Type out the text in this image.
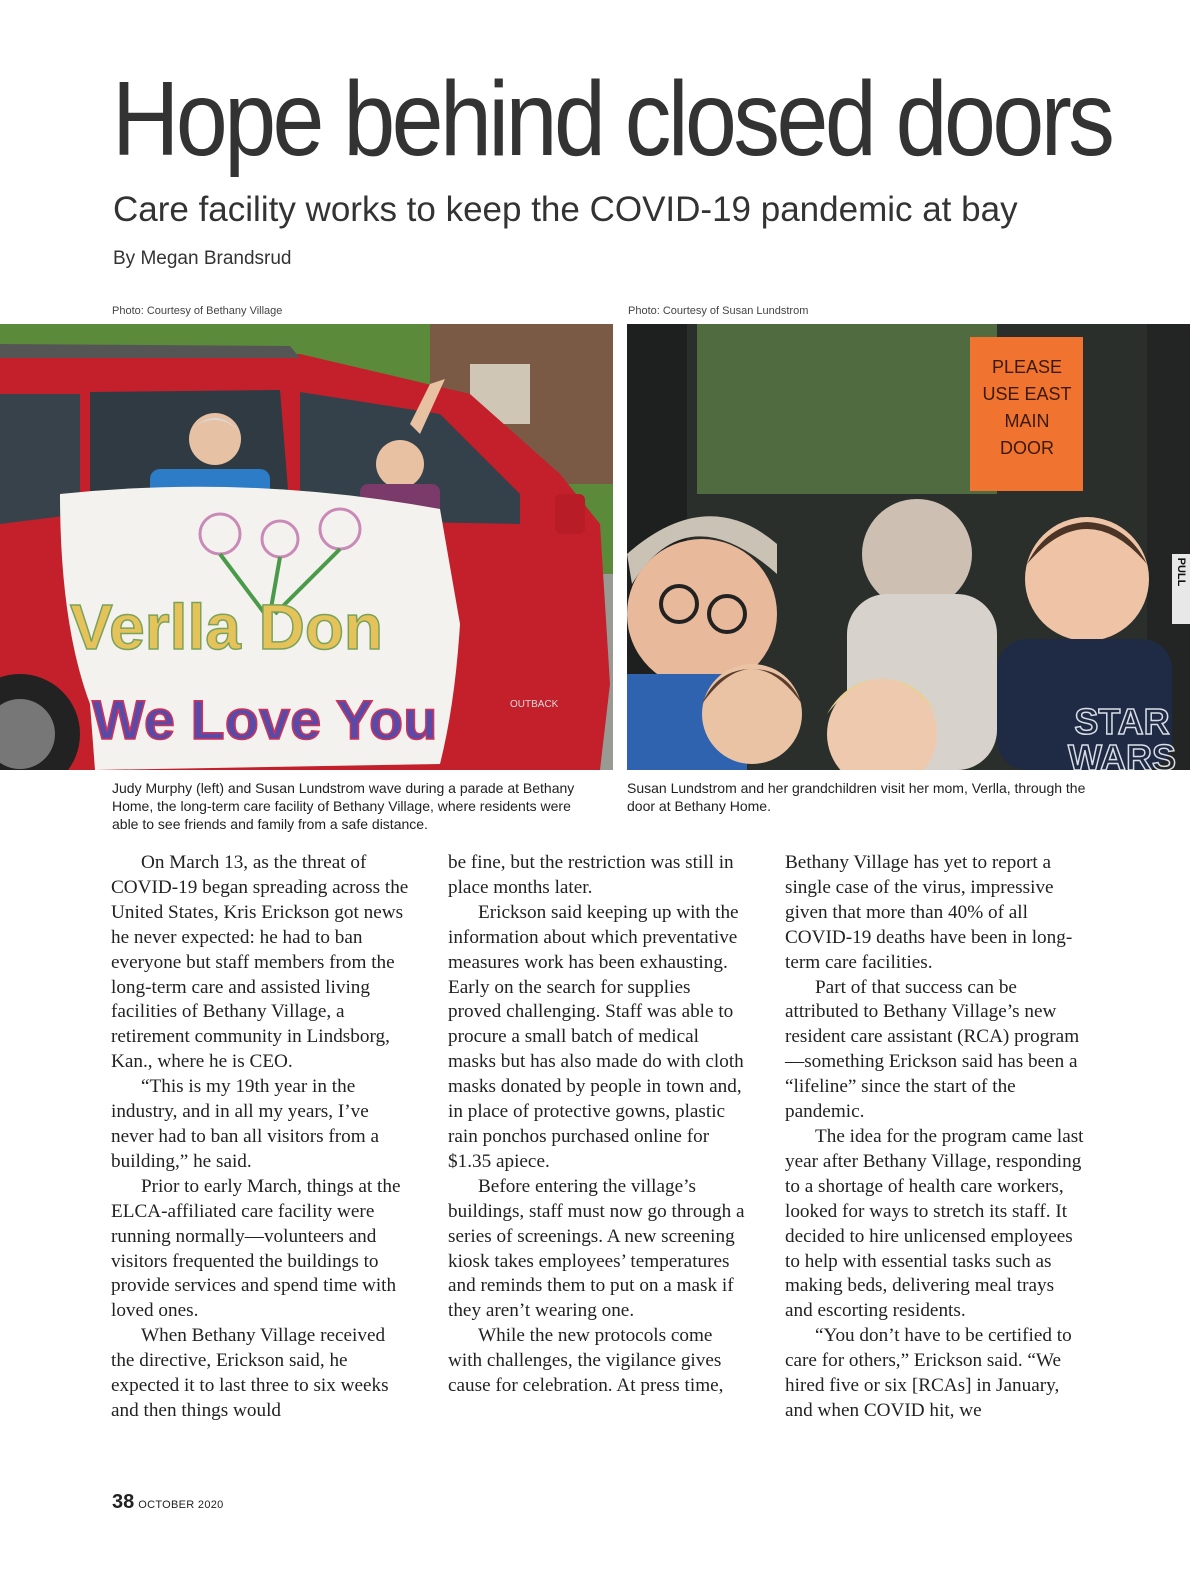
Hope behind closed doors
Care facility works to keep the COVID-19 pandemic at bay
By Megan Brandsrud
Photo: Courtesy of Bethany Village	Photo: Courtesy of Susan Lundstrom
Verlla Don
We Love You	OUTBACK
PLEASE
USE EAST
MAIN
DOOR
PULL
STAR
WARS
Judy Murphy (left) and Susan Lundstrom wave during a parade at Bethany Home, the long-term care facility of Bethany Village, where residents were able to see friends and family from a safe distance.
Susan Lundstrom and her grandchildren visit her mom, Verlla, through the door at Bethany Home.

On March 13, as the threat of COVID-19 began spreading across the United States, Kris Erickson got news he never expected: he had to ban everyone but staff members from the long-term care and assisted living facilities of Bethany Village, a retirement community in Lindsborg, Kan., where he is CEO.

“This is my 19th year in the industry, and in all my years, I’ve never had to ban all visitors from a building,” he said.

Prior to early March, things at the ELCA-affiliated care facility were running normally—volunteers and visitors frequented the buildings to provide services and spend time with loved ones.

When Bethany Village received the directive, Erickson said, he expected it to last three to six weeks and then things would

be fine, but the restriction was still in place months later.

Erickson said keeping up with the information about which preventative measures work has been exhausting. Early on the search for supplies proved challenging. Staff was able to procure a small batch of medical masks but has also made do with cloth masks donated by people in town and, in place of protective gowns, plastic rain ponchos purchased online for $1.35 apiece.

Before entering the village’s buildings, staff must now go through a series of screenings. A new screening kiosk takes employees’ temperatures and reminds them to put on a mask if they aren’t wearing one.

While the new protocols come with challenges, the vigilance gives cause for celebration. At press time,

Bethany Village has yet to report a single case of the virus, impressive given that more than 40% of all COVID-19 deaths have been in long-term care facilities.

Part of that success can be attributed to Bethany Village’s new resident care assistant (RCA) program—something Erickson said has been a “lifeline” since the start of the pandemic.

The idea for the program came last year after Bethany Village, responding to a shortage of health care workers, looked for ways to stretch its staff. It decided to hire unlicensed employees to help with essential tasks such as making beds, delivering meal trays and escorting residents.

“You don’t have to be certified to care for others,” Erickson said. “We hired five or six [RCAs] in January, and when COVID hit, we

38 OCTOBER 2020
